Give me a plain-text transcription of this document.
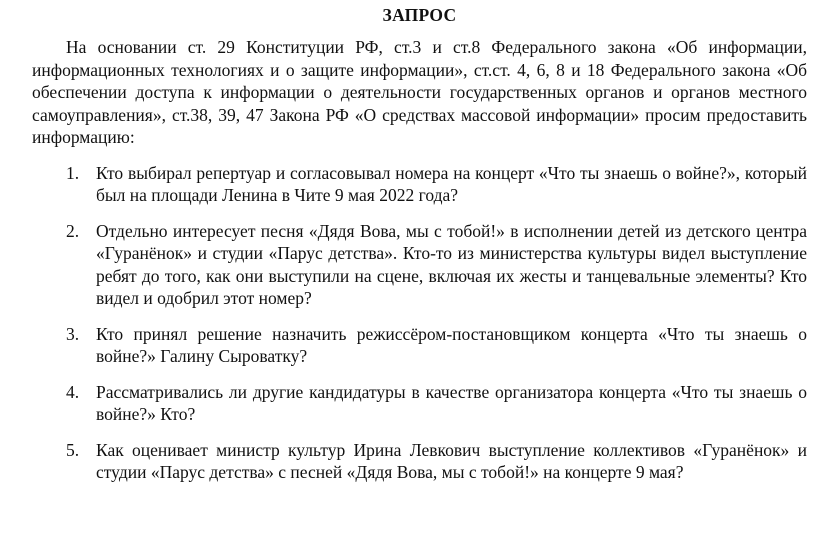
ЗАПРОС

На основании ст. 29 Конституции РФ, ст.3 и ст.8 Федерального закона «Об информации, информационных технологиях и о защите информации», ст.ст. 4, 6, 8 и 18 Федерального закона «Об обеспечении доступа к информации о деятельности государственных органов и органов местного самоуправления», ст.38, 39, 47 Закона РФ «О средствах массовой информации» просим предоставить информацию:

1. Кто выбирал репертуар и согласовывал номера на концерт «Что ты знаешь о войне?», который был на площади Ленина в Чите 9 мая 2022 года?
2. Отдельно интересует песня «Дядя Вова, мы с тобой!» в исполнении детей из детского центра «Гуранёнок» и студии «Парус детства». Кто-то из министерства культуры видел выступление ребят до того, как они выступили на сцене, включая их жесты и танцевальные элементы? Кто видел и одобрил этот номер?
3. Кто принял решение назначить режиссёром-постановщиком концерта «Что ты знаешь о войне?» Галину Сыроватку?
4. Рассматривались ли другие кандидатуры в качестве организатора концерта «Что ты знаешь о войне?» Кто?
5. Как оценивает министр культур Ирина Левкович выступление коллективов «Гуранёнок» и студии «Парус детства» с песней «Дядя Вова, мы с тобой!» на концерте 9 мая?
